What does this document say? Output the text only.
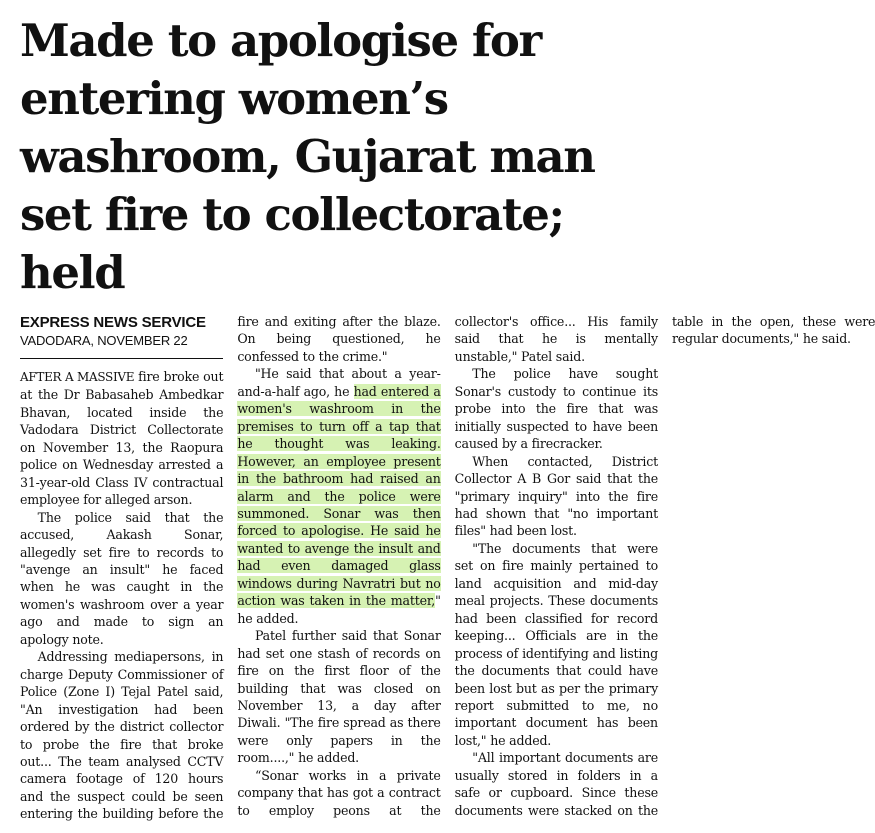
Made to apologise for entering women’s washroom, Gujarat man set fire to collectorate; held
EXPRESS NEWS SERVICE
VADODARA, NOVEMBER 22

AFTER A MASSIVE fire broke out at the Dr Babasaheb Ambedkar Bhavan, located inside the Vadodara District Collectorate on November 13, the Raopura police on Wednesday arrested a 31-year-old Class IV contractual employee for alleged arson.

The police said that the accused, Aakash Sonar, allegedly set fire to records to "avenge an insult" he faced when he was caught in the women's washroom over a year ago and made to sign an apology note.

Addressing mediapersons, in charge Deputy Commissioner of Police (Zone I) Tejal Patel said, "An investigation had been ordered by the district collector to probe the fire that broke out... The team analysed CCTV camera footage of 120 hours and the suspect could be seen entering the building before the fire and exiting after the blaze. On being questioned, he confessed to the crime."

"He said that about a year-and-a-half ago, he had entered a women's washroom in the premises to turn off a tap that he thought was leaking. However, an employee present in the bathroom had raised an alarm and the police were summoned. Sonar was then forced to apologise. He said he wanted to avenge the insult and had even damaged glass windows during Navratri but no action was taken in the matter," he added.

Patel further said that Sonar had set one stash of records on fire on the first floor of the building that was closed on November 13, a day after Diwali. "The fire spread as there were only papers in the room....," he added.

“Sonar works in a private company that has got a contract to employ peons at the collector's office... His family said that he is mentally unstable," Patel said.

The police have sought Sonar's custody to continue its probe into the fire that was initially suspected to have been caused by a firecracker.

When contacted, District Collector A B Gor said that the "primary inquiry" into the fire had shown that "no important files" had been lost.

"The documents that were set on fire mainly pertained to land acquisition and mid-day meal projects. These documents had been classified for record keeping... Officials are in the process of identifying and listing the documents that could have been lost but as per the primary report submitted to me, no important document has been lost," he added.

"All important documents are usually stored in folders in a safe or cupboard. Since these documents were stacked on the table in the open, these were regular documents," he said.
